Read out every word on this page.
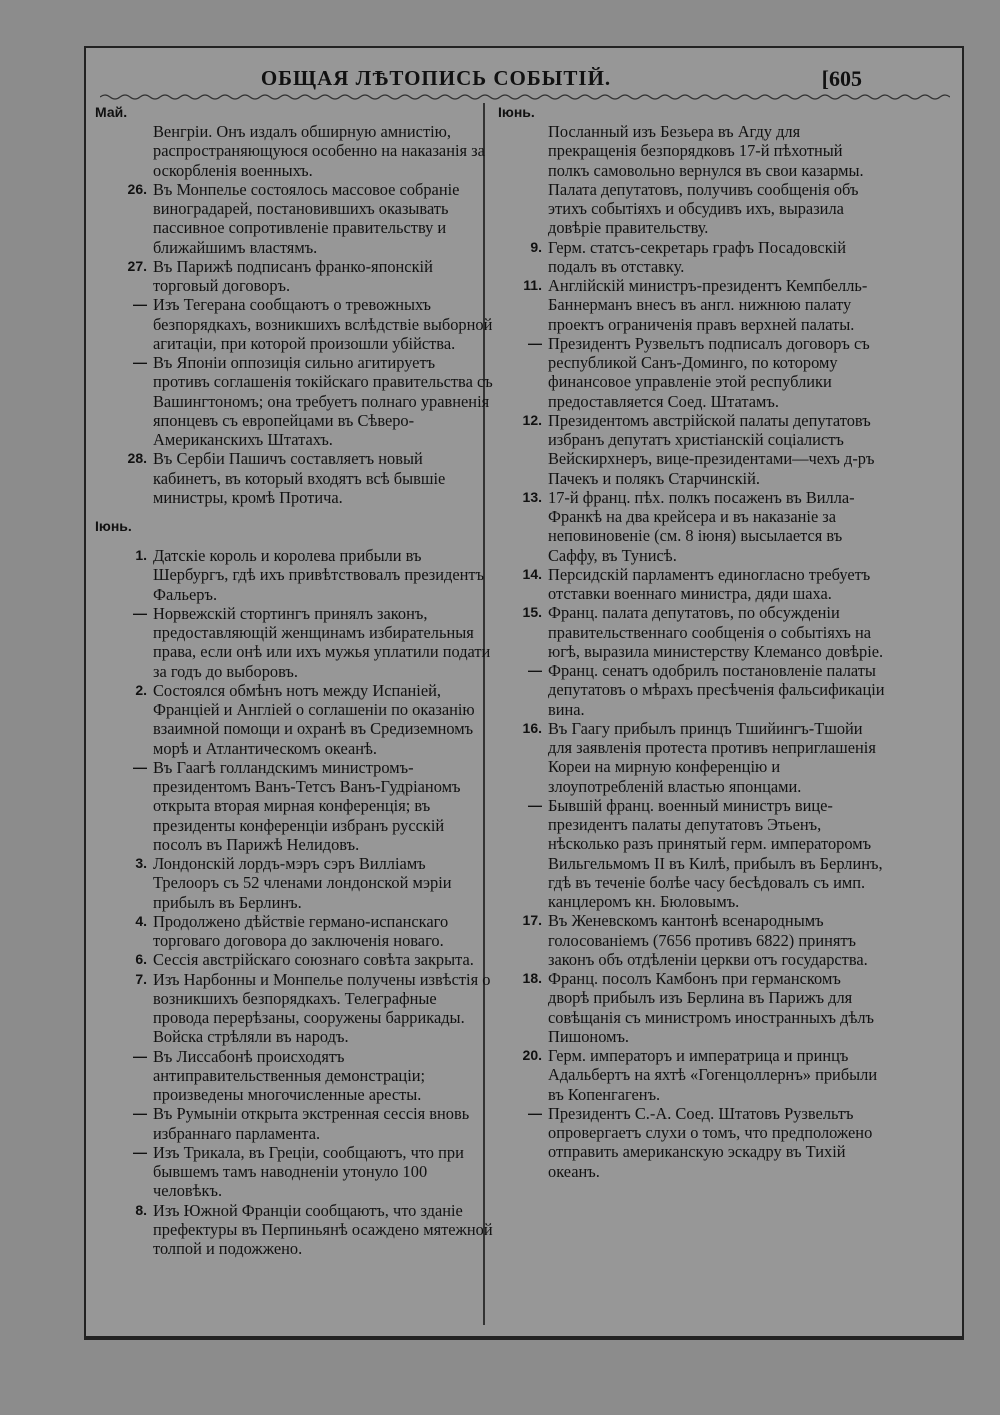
ОБЩАЯ ЛѢТОПИСЬ СОБЫТІЙ.	[605
Май.
Венгріи. Онъ издалъ обширную амнистію, распространяющуюся особенно на наказанія за оскорбленія военныхъ.
26. Въ Монпелье состоялось массовое собраніе виноградарей, постановившихъ оказывать пассивное сопротивленіе правительству и ближайшимъ властямъ.
27. Въ Парижѣ подписанъ франко-японскій торговый договоръ.
— Изъ Тегерана сообщаютъ о тревожныхъ безпорядкахъ, возникшихъ вслѣдствіе выборной агитаціи, при которой произошли убійства.
— Въ Японіи оппозиція сильно агитируетъ противъ соглашенія токійскаго правительства съ Вашингтономъ; она требуетъ полнаго уравненія японцевъ съ европейцами въ Сѣверо-Американскихъ Штатахъ.
28. Въ Сербіи Пашичъ составляетъ новый кабинетъ, въ который входятъ всѣ бывшіе министры, кромѣ Протича.
Іюнь.
1. Датскіе король и королева прибыли въ Шербургъ, гдѣ ихъ привѣтствовалъ президентъ Фальеръ.
— Норвежскій стортингъ принялъ законъ, предоставляющій женщинамъ избирательныя права, если онѣ или ихъ мужья уплатили подати за годъ до выборовъ.
2. Состоялся обмѣнъ нотъ между Испаніей, Франціей и Англіей о соглашеніи по оказанію взаимной помощи и охранѣ въ Средиземномъ морѣ и Атлантическомъ океанѣ.
— Въ Гаагѣ голландскимъ министромъ-президентомъ Ванъ-Тетсъ Ванъ-Гудріаномъ открыта вторая мирная конференція; въ президенты конференціи избранъ русскій посолъ въ Парижѣ Нелидовъ.
3. Лондонскій лордъ-мэръ сэръ Вилліамъ Трелооръ съ 52 членами лондонской мэріи прибылъ въ Берлинъ.
4. Продолжено дѣйствіе германо-испанскаго торговаго договора до заключенія новаго.
6. Сессія австрійскаго союзнаго совѣта закрыта.
7. Изъ Нарбонны и Монпелье получены извѣстія о возникшихъ безпорядкахъ. Телеграфные провода перерѣзаны, сооружены баррикады. Войска стрѣляли въ народъ.
— Въ Лиссабонѣ происходятъ антиправительственныя демонстраціи; произведены многочисленные аресты.
— Въ Румыніи открыта экстренная сессія вновь избраннаго парламента.
— Изъ Трикала, въ Греціи, сообщаютъ, что при бывшемъ тамъ наводненіи утонуло 100 человѣкъ.
8. Изъ Южной Франціи сообщаютъ, что зданіе префектуры въ Перпиньянѣ осаждено мятежной толпой и подожжено.
Іюнь.
Посланный изъ Безьера въ Агду для прекращенія безпорядковъ 17-й пѣхотный полкъ самовольно вернулся въ свои казармы. Палата депутатовъ, получивъ сообщенія объ этихъ событіяхъ и обсудивъ ихъ, выразила довѣріе правительству.
9. Герм. статсъ-секретарь графъ Посадовскій подалъ въ отставку.
11. Англійскій министръ-президентъ Кемпбелль-Баннерманъ внесъ въ англ. нижнюю палату проектъ ограниченія правъ верхней палаты.
— Президентъ Рузвельтъ подписалъ договоръ съ республикой Санъ-Доминго, по которому финансовое управленіе этой республики предоставляется Соед. Штатамъ.
12. Президентомъ австрійской палаты депутатовъ избранъ депутатъ христіанскій соціалистъ Вейскирхнеръ, вице-президентами—чехъ д-ръ Пачекъ и полякъ Старчинскій.
13. 17-й франц. пѣх. полкъ посаженъ въ Вилла-Франкѣ на два крейсера и въ наказаніе за неповиновеніе (см. 8 іюня) высылается въ Саффу, въ Тунисѣ.
14. Персидскій парламентъ единогласно требуетъ отставки военнаго министра, дяди шаха.
15. Франц. палата депутатовъ, по обсужденіи правительственнаго сообщенія о событіяхъ на югѣ, выразила министерству Клемансо довѣріе.
— Франц. сенатъ одобрилъ постановленіе палаты депутатовъ о мѣрахъ пресѣченія фальсификаціи вина.
16. Въ Гаагу прибылъ принцъ Тшийингъ-Тшойи для заявленія протеста противъ неприглашенія Кореи на мирную конференцію и злоупотребленій властью японцами.
— Бывшій франц. военный министръ вице-президентъ палаты депутатовъ Этьенъ, нѣсколько разъ принятый герм. императоромъ Вильгельмомъ II въ Килѣ, прибылъ въ Берлинъ, гдѣ въ теченіе болѣе часу бесѣдовалъ съ имп. канцлеромъ кн. Бюловымъ.
17. Въ Женевскомъ кантонѣ всенароднымъ голосованіемъ (7656 противъ 6822) принятъ законъ объ отдѣленіи церкви отъ государства.
18. Франц. посолъ Камбонъ при германскомъ дворѣ прибылъ изъ Берлина въ Парижъ для совѣщанія съ министромъ иностранныхъ дѣлъ Пишономъ.
20. Герм. императоръ и императрица и принцъ Адальбертъ на яхтѣ «Гогенцоллернъ» прибыли въ Копенгагенъ.
— Президентъ С.-А. Соед. Штатовъ Рузвельтъ опровергаетъ слухи о томъ, что предположено отправить американскую эскадру въ Тихій океанъ.
